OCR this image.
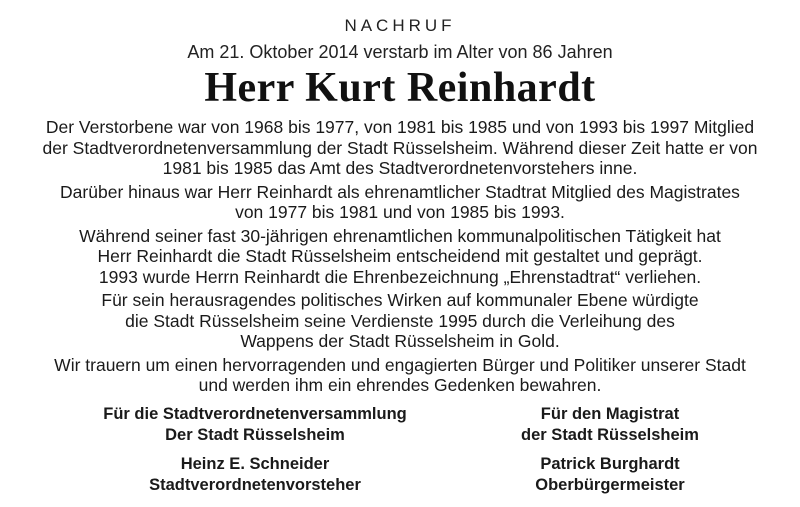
NACHRUF
Am 21. Oktober 2014 verstarb im Alter von 86 Jahren
Herr Kurt Reinhardt
Der Verstorbene war von 1968 bis 1977, von 1981 bis 1985 und von 1993 bis 1997 Mitglied
der Stadtverordnetenversammlung der Stadt Rüsselsheim. Während dieser Zeit hatte er von
1981 bis 1985 das Amt des Stadtverordnetenvorstehers inne.
Darüber hinaus war Herr Reinhardt als ehrenamtlicher Stadtrat Mitglied des Magistrates
von 1977 bis 1981 und von 1985 bis 1993.
Während seiner fast 30-jährigen ehrenamtlichen kommunalpolitischen Tätigkeit hat
Herr Reinhardt die Stadt Rüsselsheim entscheidend mit gestaltet und geprägt.
1993 wurde Herrn Reinhardt die Ehrenbezeichnung „Ehrenstadtrat“ verliehen.
Für sein herausragendes politisches Wirken auf kommunaler Ebene würdigte
die Stadt Rüsselsheim seine Verdienste 1995 durch die Verleihung des
Wappens der Stadt Rüsselsheim in Gold.
Wir trauern um einen hervorragenden und engagierten Bürger und Politiker unserer Stadt
und werden ihm ein ehrendes Gedenken bewahren.
Für die Stadtverordnetenversammlung
Der Stadt Rüsselsheim
Heinz E. Schneider
Stadtverordnetenvorsteher
Für den Magistrat
der Stadt Rüsselsheim
Patrick Burghardt
Oberbürgermeister
